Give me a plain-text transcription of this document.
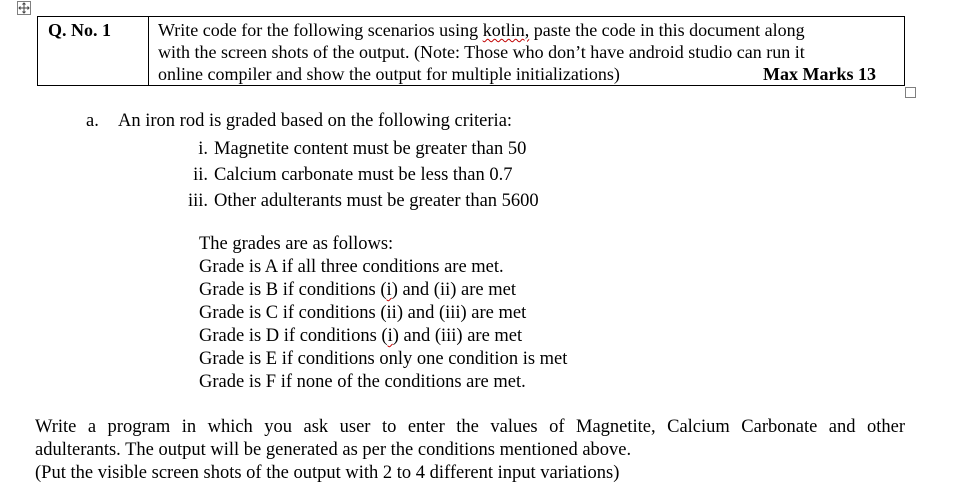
Q. No. 1	Write code for the following scenarios using kotlin, paste the code in this document along
with the screen shots of the output. (Note: Those who don’t have android studio can run it
online compiler and show the output for multiple initializations)	Max Marks 13
a. An iron rod is graded based on the following criteria:
i. Magnetite content must be greater than 50
ii. Calcium carbonate must be less than 0.7
iii. Other adulterants must be greater than 5600
The grades are as follows:
Grade is A if all three conditions are met.
Grade is B if conditions (i) and (ii) are met
Grade is C if conditions (ii) and (iii) are met
Grade is D if conditions (i) and (iii) are met
Grade is E if conditions only one condition is met
Grade is F if none of the conditions are met.
Write a program in which you ask user to enter the values of Magnetite, Calcium Carbonate and other
adulterants. The output will be generated as per the conditions mentioned above.
(Put the visible screen shots of the output with 2 to 4 different input variations)
